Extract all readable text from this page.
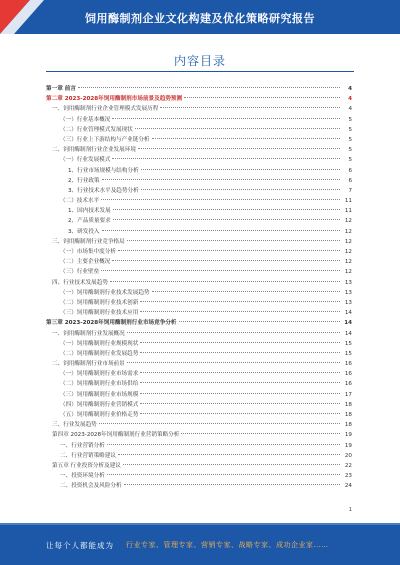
饲用酶制剂企业文化构建及优化策略研究报告
内容目录
第一章 前言	4
第二章 2023-2028年饲用酶制剂市场前景及趋势预测	4
一、饲用酶制剂行业企业管理模式发展历程	4
（一）行业基本概况	5
（二）行业管理模式发展现状	5
（三）行业上下游结构与产业链分析	5
二、饲用酶制剂行业企业发展环境	5
（一）行业发展模式	5
1、行业市场规模与结构分析	6
2、行业政策	6
3、行业技术水平及趋势分析	7
（二）技术水平	11
1、国内技术发展	11
2、产品质量要求	12
3、研发投入	12
三、饲用酶制剂行业竞争格局	12
（一）市场集中度分析	12
（二）主要企业概况	12
（三）行业壁垒	12
四、行业技术发展趋势	13
（一）饲用酶制剂行业技术发展趋势	13
（二）饲用酶制剂行业技术创新	13
（三）饲用酶制剂行业技术应用	14
第三章 2023-2028年饲用酶制剂行业市场竞争分析	14
一、饲用酶制剂行业发展概况	14
（一）饲用酶制剂行业规模现状	15
（二）饲用酶制剂行业发展趋势	15
二、饲用酶制剂行业市场前景	16
（一）饲用酶制剂行业市场需求	16
（二）饲用酶制剂行业市场供给	16
（三）饲用酶制剂行业市场规模	17
（四）饲用酶制剂行业营销模式	18
（五）饲用酶制剂行业价格走势	18
三、行业发展趋势	18
第四章 2023-2028年饲用酶制剂行业营销策略分析	19
一、行业营销分析	19
二、行业营销策略建议	20
第五章 行业投资分析及建议	22
一、投资环境分析	23
二、投资机会及风险分析	24
1
让每个人都能成为 行业专家、管理专家、营销专家、战略专家、成功企业家……
